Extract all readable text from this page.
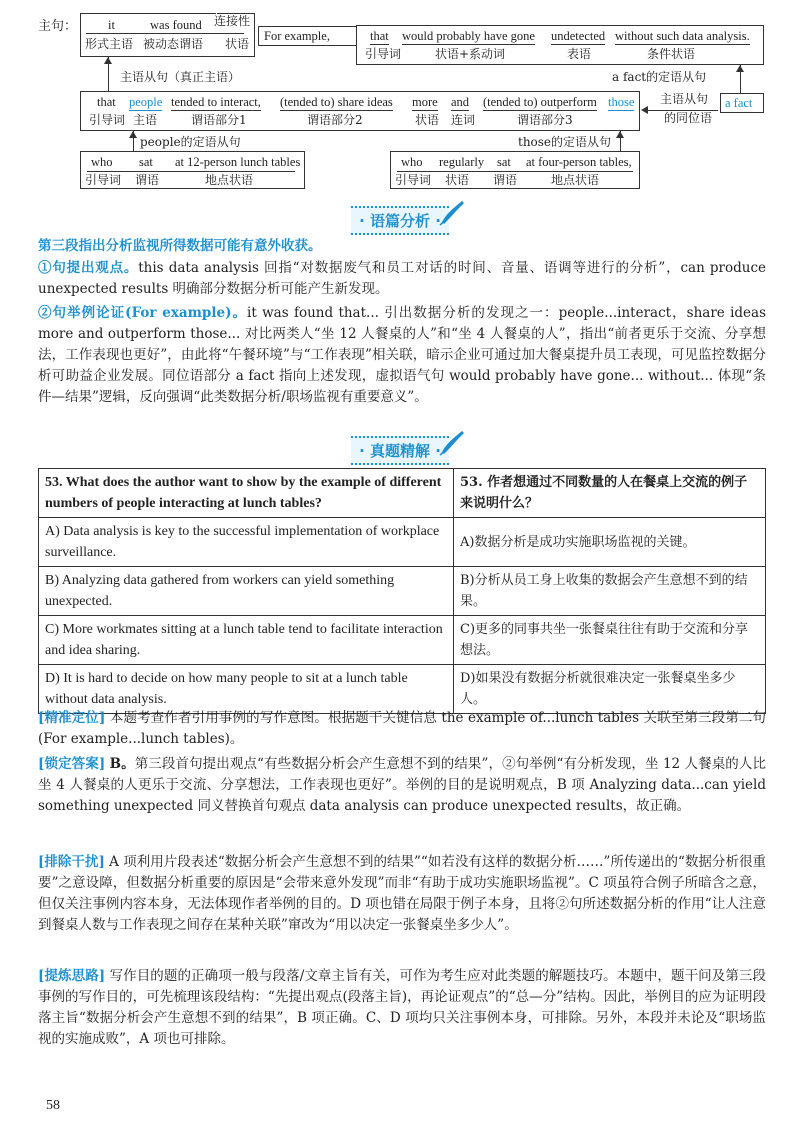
主句： it	was found
形式主语 被动态谓语
连接性
For example,
状语
that would probably have gone undetected without such data analysis.
引导词	状语+系动词	表语	条件状语
主语从句（真正主语）	a fact的定语从句
that people tended to interact, (tended to) share ideas more and (tended to) outperform those
引导词 主语	谓语部分1	谓语部分2	状语 连词	谓语部分3
主语从句
的同位语
a fact
people的定语从句	those的定语从句
who sat at 12-person lunch tables
引导词 谓语	地点状语
who regularly sat at four-person tables,
引导词 状语 谓语	地点状语
· 语篇分析 ·
第三段指出分析监视所得数据可能有意外收获。
①句提出观点。this data analysis 回指“对数据废气和员工对话的时间、音量、语调等进行的分析”，can produce unexpected results 明确部分数据分析可能产生新发现。
②句举例论证(For example)。it was found that... 引出数据分析的发现之一：people...interact，share ideas more and outperform those... 对比两类人“坐 12 人餐桌的人”和“坐 4 人餐桌的人”，指出“前者更乐于交流、分享想法，工作表现也更好”，由此将“午餐环境”与“工作表现”相关联，暗示企业可通过加大餐桌提升员工表现，可见监控数据分析可助益企业发展。同位语部分 a fact 指向上述发现，虚拟语气句 would probably have gone... without... 体现“条件—结果”逻辑，反向强调“此类数据分析/职场监视有重要意义”。
· 真题精解 ·
53. What does the author want to show by the example of different numbers of people interacting at lunch tables?	53. 作者想通过不同数量的人在餐桌上交流的例子来说明什么？
A) Data analysis is key to the successful implementation of workplace surveillance.	A)数据分析是成功实施职场监视的关键。
B) Analyzing data gathered from workers can yield something unexpected.	B)分析从员工身上收集的数据会产生意想不到的结果。
C) More workmates sitting at a lunch table tend to facilitate interaction and idea sharing.	C)更多的同事共坐一张餐桌往往有助于交流和分享想法。
D) It is hard to decide on how many people to sit at a lunch table without data analysis.	D)如果没有数据分析就很难决定一张餐桌坐多少人。
[精准定位] 本题考查作者引用事例的写作意图。根据题干关键信息 the example of...lunch tables 关联至第三段第二句(For example...lunch tables)。
[锁定答案] B。第三段首句提出观点“有些数据分析会产生意想不到的结果”，②句举例“有分析发现，坐 12 人餐桌的人比坐 4 人餐桌的人更乐于交流、分享想法，工作表现也更好”。举例的目的是说明观点，B 项 Analyzing data...can yield something unexpected 同义替换首句观点 data analysis can produce unexpected results，故正确。
[排除干扰] A 项利用片段表述“数据分析会产生意想不到的结果”“如若没有这样的数据分析……”所传递出的“数据分析很重要”之意设障，但数据分析重要的原因是“会带来意外发现”而非“有助于成功实施职场监视”。C 项虽符合例子所暗含之意，但仅关注事例内容本身，无法体现作者举例的目的。D 项也错在局限于例子本身，且将②句所述数据分析的作用“让人注意到餐桌人数与工作表现之间存在某种关联”窜改为“用以决定一张餐桌坐多少人”。
[提炼思路] 写作目的题的正确项一般与段落/文章主旨有关，可作为考生应对此类题的解题技巧。本题中，题干问及第三段事例的写作目的，可先梳理该段结构：“先提出观点(段落主旨)，再论证观点”的“总—分”结构。因此，举例目的应为证明段落主旨“数据分析会产生意想不到的结果”，B 项正确。C、D 项均只关注事例本身，可排除。另外，本段并未论及“职场监视的实施成败”，A 项也可排除。
58
